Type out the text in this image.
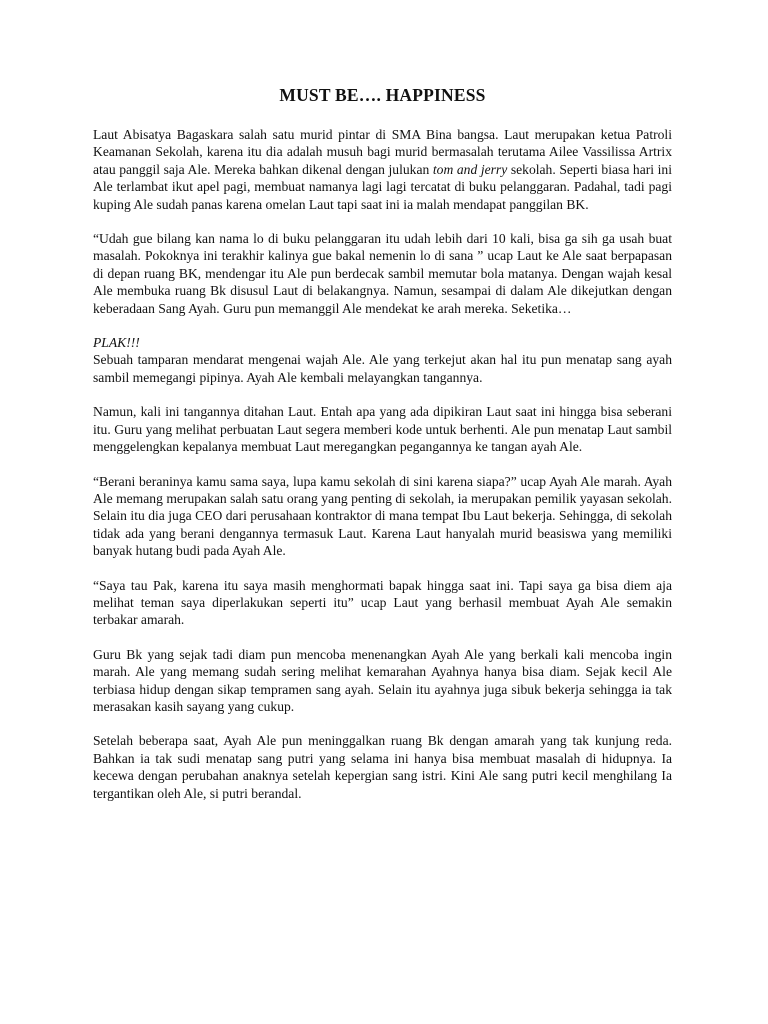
MUST BE…. HAPPINESS

Laut Abisatya Bagaskara salah satu murid pintar di SMA Bina bangsa. Laut merupakan ketua Patroli Keamanan Sekolah, karena itu dia adalah musuh bagi murid bermasalah terutama Ailee Vassilissa Artrix atau panggil saja Ale. Mereka bahkan dikenal dengan julukan tom and jerry sekolah. Seperti biasa hari ini Ale terlambat ikut apel pagi, membuat namanya lagi lagi tercatat di buku pelanggaran. Padahal, tadi pagi kuping Ale sudah panas karena omelan Laut tapi saat ini ia malah mendapat panggilan BK.

“Udah gue bilang kan nama lo di buku pelanggaran itu udah lebih dari 10 kali, bisa ga sih ga usah buat masalah. Pokoknya ini terakhir kalinya gue bakal nemenin lo di sana ” ucap Laut ke Ale saat berpapasan di depan ruang BK, mendengar itu Ale pun berdecak sambil memutar bola matanya. Dengan wajah kesal Ale membuka ruang Bk disusul Laut di belakangnya. Namun, sesampai di dalam Ale dikejutkan dengan keberadaan Sang Ayah. Guru pun memanggil Ale mendekat ke arah mereka. Seketika…

PLAK!!!

Sebuah tamparan mendarat mengenai wajah Ale. Ale yang terkejut akan hal itu pun menatap sang ayah sambil memegangi pipinya. Ayah Ale kembali melayangkan tangannya.

Namun, kali ini tangannya ditahan Laut. Entah apa yang ada dipikiran Laut saat ini hingga bisa seberani itu. Guru yang melihat perbuatan Laut segera memberi kode untuk berhenti. Ale pun menatap Laut sambil menggelengkan kepalanya membuat Laut meregangkan pegangannya ke tangan ayah Ale.

“Berani beraninya kamu sama saya, lupa kamu sekolah di sini karena siapa?” ucap Ayah Ale marah. Ayah Ale memang merupakan salah satu orang yang penting di sekolah, ia merupakan pemilik yayasan sekolah. Selain itu dia juga CEO dari perusahaan kontraktor di mana tempat Ibu Laut bekerja. Sehingga, di sekolah tidak ada yang berani dengannya termasuk Laut. Karena Laut hanyalah murid beasiswa yang memiliki banyak hutang budi pada Ayah Ale.

“Saya tau Pak, karena itu saya masih menghormati bapak hingga saat ini. Tapi saya ga bisa diem aja melihat teman saya diperlakukan seperti itu” ucap Laut yang berhasil membuat Ayah Ale semakin terbakar amarah.

Guru Bk yang sejak tadi diam pun mencoba menenangkan Ayah Ale yang berkali kali mencoba ingin marah. Ale yang memang sudah sering melihat kemarahan Ayahnya hanya bisa diam. Sejak kecil Ale terbiasa hidup dengan sikap tempramen sang ayah. Selain itu ayahnya juga sibuk bekerja sehingga ia tak merasakan kasih sayang yang cukup.

Setelah beberapa saat, Ayah Ale pun meninggalkan ruang Bk dengan amarah yang tak kunjung reda. Bahkan ia tak sudi menatap sang putri yang selama ini hanya bisa membuat masalah di hidupnya. Ia kecewa dengan perubahan anaknya setelah kepergian sang istri. Kini Ale sang putri kecil menghilang Ia tergantikan oleh Ale, si putri berandal.
